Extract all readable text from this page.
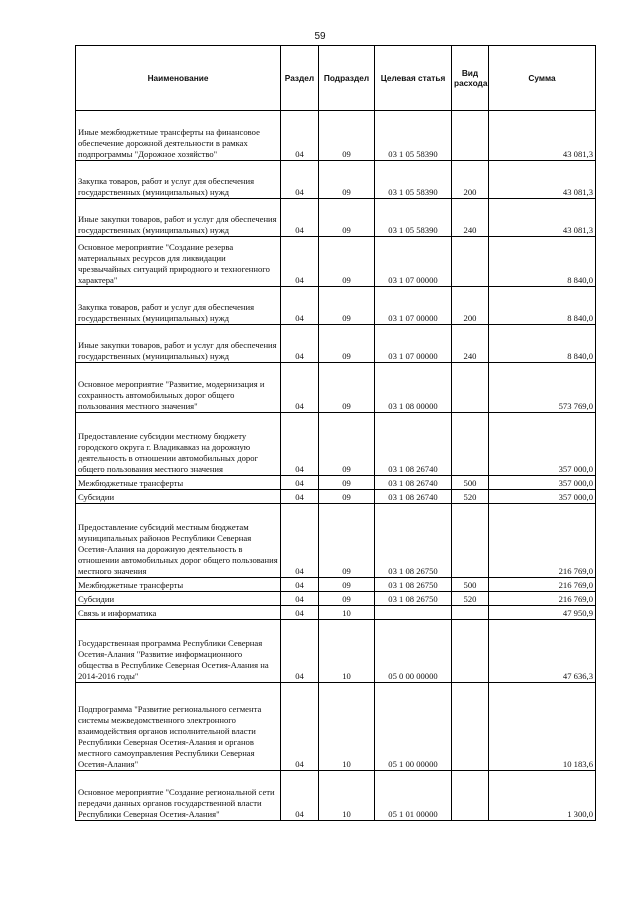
59
Наименование	Раздел	Подраздел	Целевая статья	Вид расхода	Сумма
Иные межбюджетные трансферты на финансовое обеспечение дорожной деятельности в рамках подпрограммы "Дорожное хозяйство"	04	09	03 1 05 58390		43 081,3
Закупка товаров, работ и услуг для обеспечения государственных (муниципальных) нужд	04	09	03 1 05 58390	200	43 081,3
Иные закупки товаров, работ и услуг для обеспечения государственных (муниципальных) нужд	04	09	03 1 05 58390	240	43 081,3
Основное мероприятие "Создание резерва материальных ресурсов для ликвидации чрезвычайных ситуаций природного и техногенного характера"	04	09	03 1 07 00000		8 840,0
Закупка товаров, работ и услуг для обеспечения государственных (муниципальных) нужд	04	09	03 1 07 00000	200	8 840,0
Иные закупки товаров, работ и услуг для обеспечения государственных (муниципальных) нужд	04	09	03 1 07 00000	240	8 840,0
Основное мероприятие "Развитие, модернизация и сохранность автомобильных дорог общего пользования местного значения"	04	09	03 1 08 00000		573 769,0
Предоставление субсидии местному бюджету городского округа г. Владикавказ на дорожную деятельность в отношении автомобильных дорог общего пользования местного значения	04	09	03 1 08 26740		357 000,0
Межбюджетные трансферты	04	09	03 1 08 26740	500	357 000,0
Субсидии	04	09	03 1 08 26740	520	357 000,0
Предоставление субсидий местным бюджетам муниципальных районов Республики Северная Осетия-Алания на дорожную деятельность в отношении автомобильных дорог общего пользования местного значения	04	09	03 1 08 26750		216 769,0
Межбюджетные трансферты	04	09	03 1 08 26750	500	216 769,0
Субсидии	04	09	03 1 08 26750	520	216 769,0
Связь и информатика	04	10			47 950,9
Государственная программа Республики Северная Осетия-Алания "Развитие информационного общества в Республике Северная Осетия-Алания на 2014-2016 годы"	04	10	05 0 00 00000		47 636,3
Подпрограмма "Развитие регионального сегмента системы межведомственного электронного взаимодействия органов исполнительной власти Республики Северная Осетия-Алания и органов местного самоуправления Республики Северная Осетия-Алания"	04	10	05 1 00 00000		10 183,6
Основное мероприятие "Создание региональной сети передачи данных органов государственной власти Республики Северная Осетия-Алания"	04	10	05 1 01 00000		1 300,0
